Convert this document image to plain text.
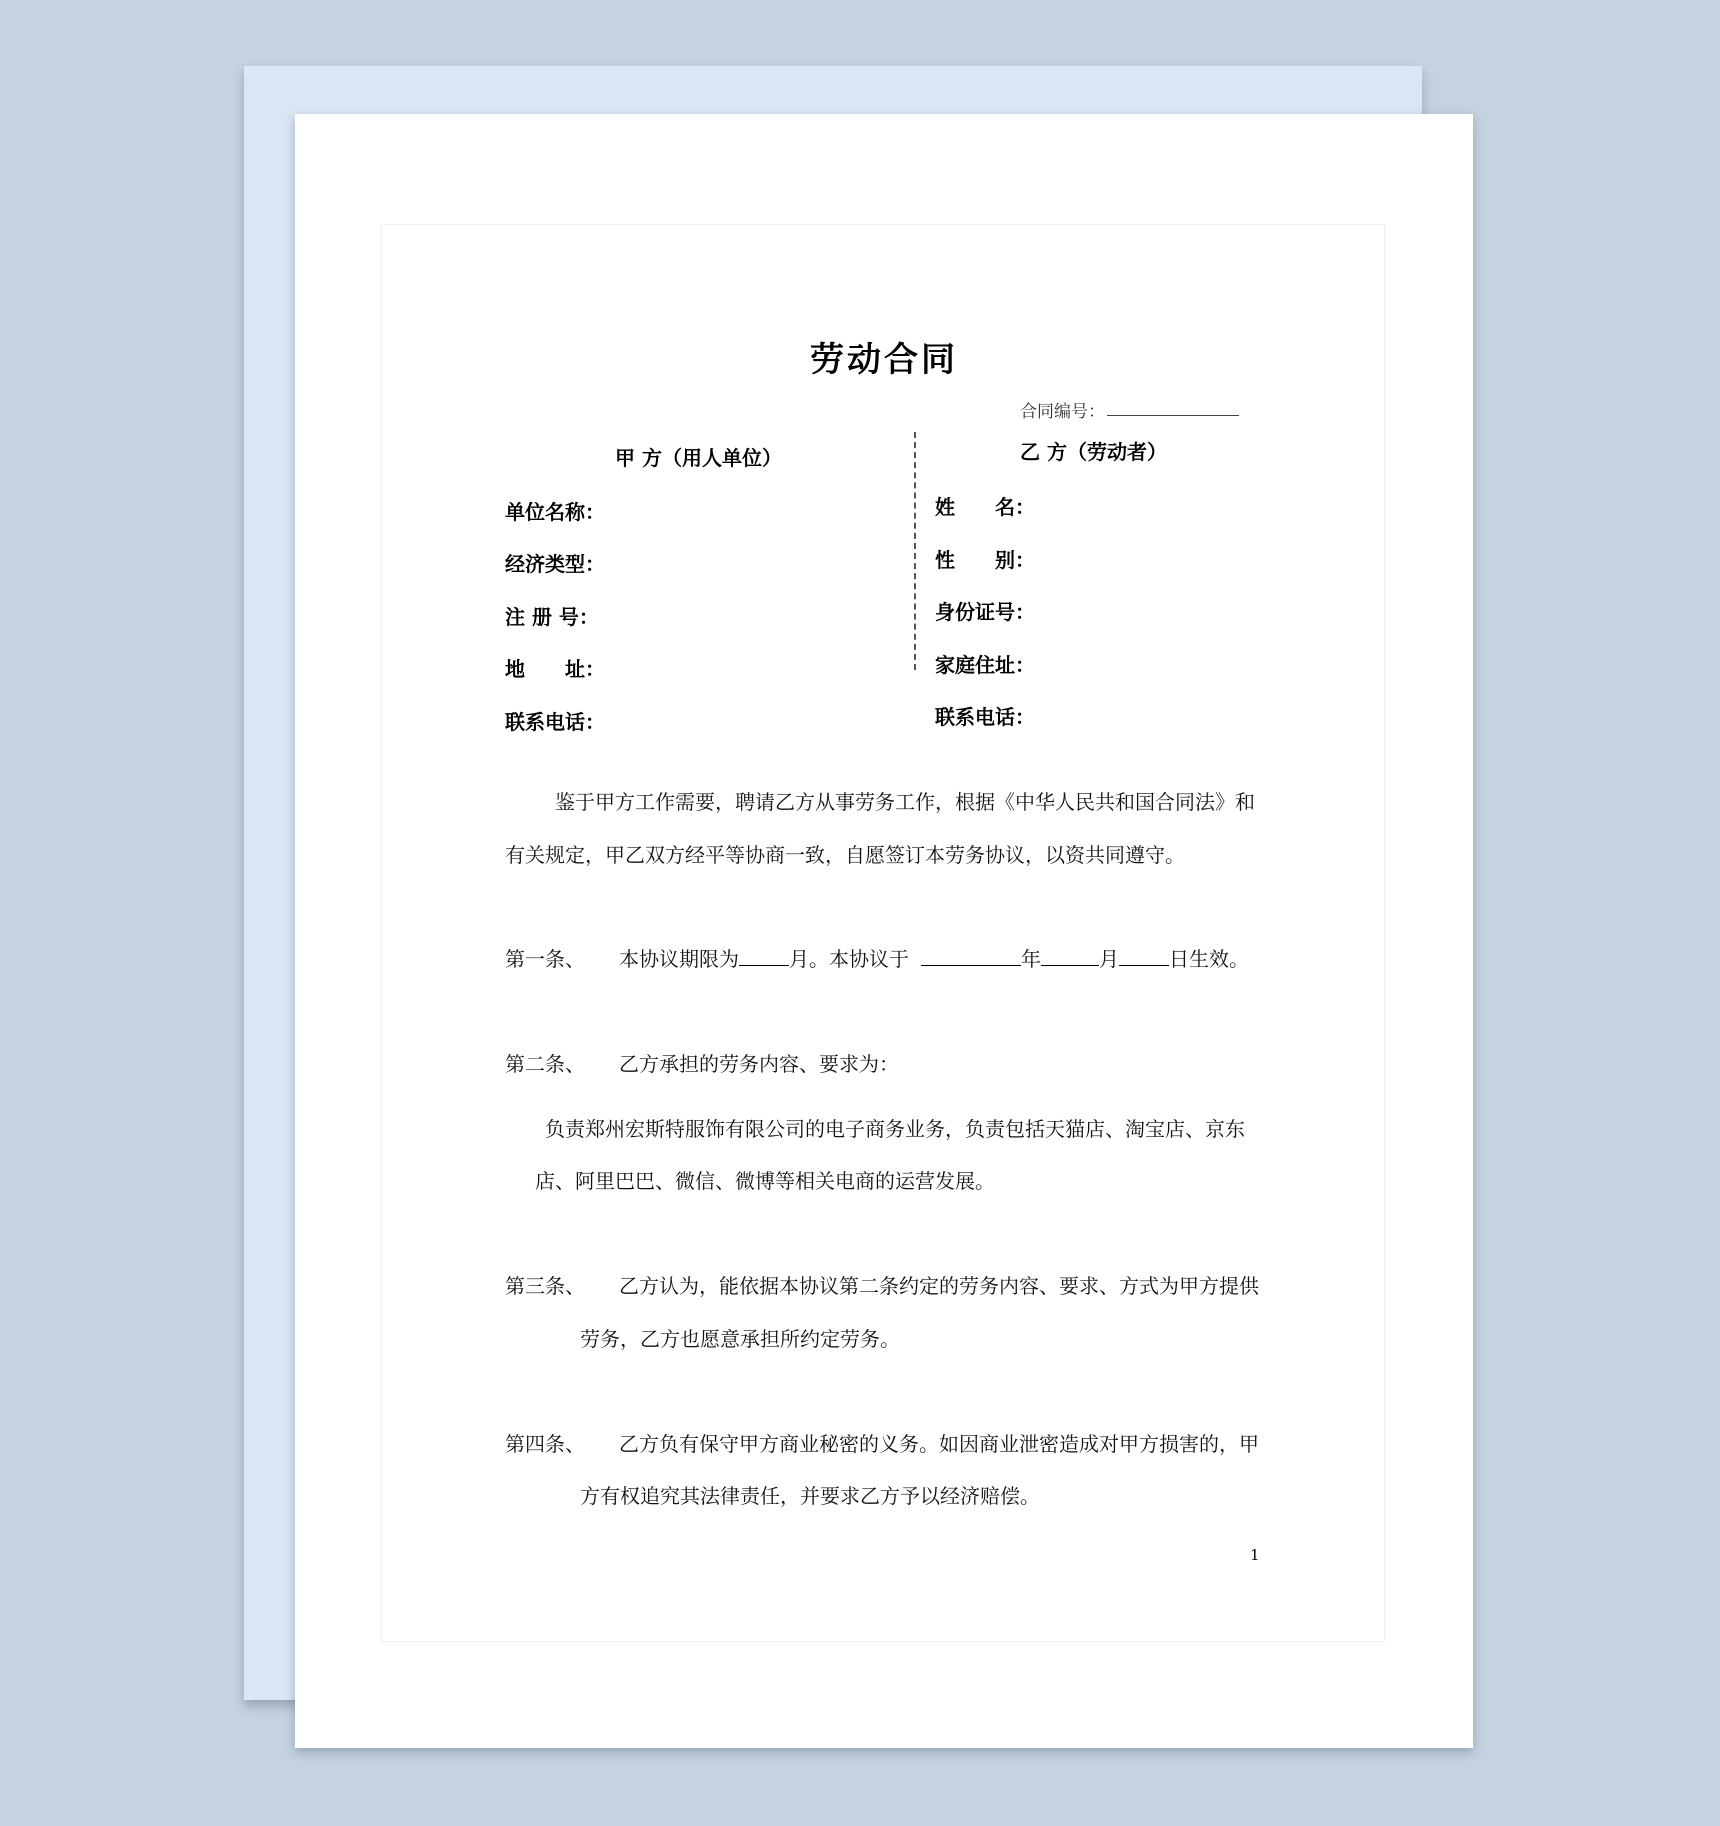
劳动合同
合同编号：
甲 方（用人单位）	乙 方（劳动者）
单位名称：
经济类型：
注 册 号：
地　　址：
联系电话：
姓　　名：
性　　别：
身份证号：
家庭住址：
联系电话：
鉴于甲方工作需要，聘请乙方从事劳务工作，根据《中华人民共和国合同法》和
有关规定，甲乙双方经平等协商一致，自愿签订本劳务协议，以资共同遵守。
第一条、 本协议期限为	月。本协议于	年	月	日生效。
第二条、 乙方承担的劳务内容、要求为：
负责郑州宏斯特服饰有限公司的电子商务业务，负责包括天猫店、淘宝店、京东
店、阿里巴巴、微信、微博等相关电商的运营发展。
第三条、 乙方认为，能依据本协议第二条约定的劳务内容、要求、方式为甲方提供
劳务，乙方也愿意承担所约定劳务。
第四条、 乙方负有保守甲方商业秘密的义务。如因商业泄密造成对甲方损害的，甲
方有权追究其法律责任，并要求乙方予以经济赔偿。
1
